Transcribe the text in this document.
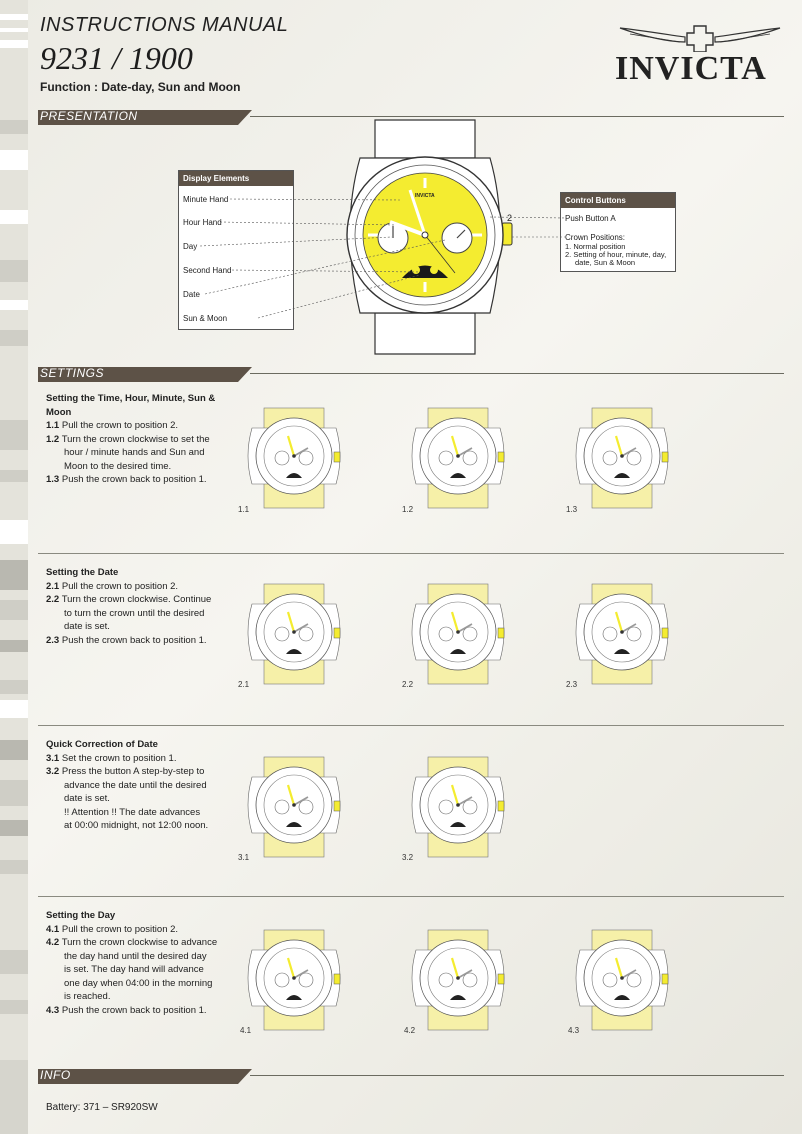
INSTRUCTIONS MANUAL
9231 / 1900
Function : Date-day, Sun and Moon	INVICTA
PRESENTATION
Display Elements
Minute Hand
Hour Hand
Day
Second Hand
Date
Sun & Moon
Control Buttons
Push Button A
Crown Positions:
1. Normal position
2. Setting of hour, minute, day,
date, Sun & Moon
2
INVICTA
SETTINGS
Setting the Time, Hour, Minute, Sun &
Moon
1.1 Pull the crown to position 2.
1.2 Turn the crown clockwise to set the
hour / minute hands and Sun and
Moon to the desired time.
1.3 Push the crown back to position 1.
Setting the Date
2.1 Pull the crown to position 2.
2.2 Turn the crown clockwise. Continue
to turn the crown until the desired
date is set.
2.3 Push the crown back to position 1.
Quick Correction of Date
3.1 Set the crown to position 1.
3.2 Press the button A step-by-step to
advance the date until the desired
date is set.
!! Attention !! The date advances
at 00:00 midnight, not 12:00 noon.
Setting the Day
4.1 Pull the crown to position 2.
4.2 Turn the crown clockwise to advance
the day hand until the desired day
is set. The day hand will advance
one day when 04:00 in the morning
is reached.
4.3 Push the crown back to position 1.
1.1	1.2	1.3
2.1	2.2	2.3
3.1	3.2
4.1	4.2	4.3
INFO
Battery: 371 – SR920SW
